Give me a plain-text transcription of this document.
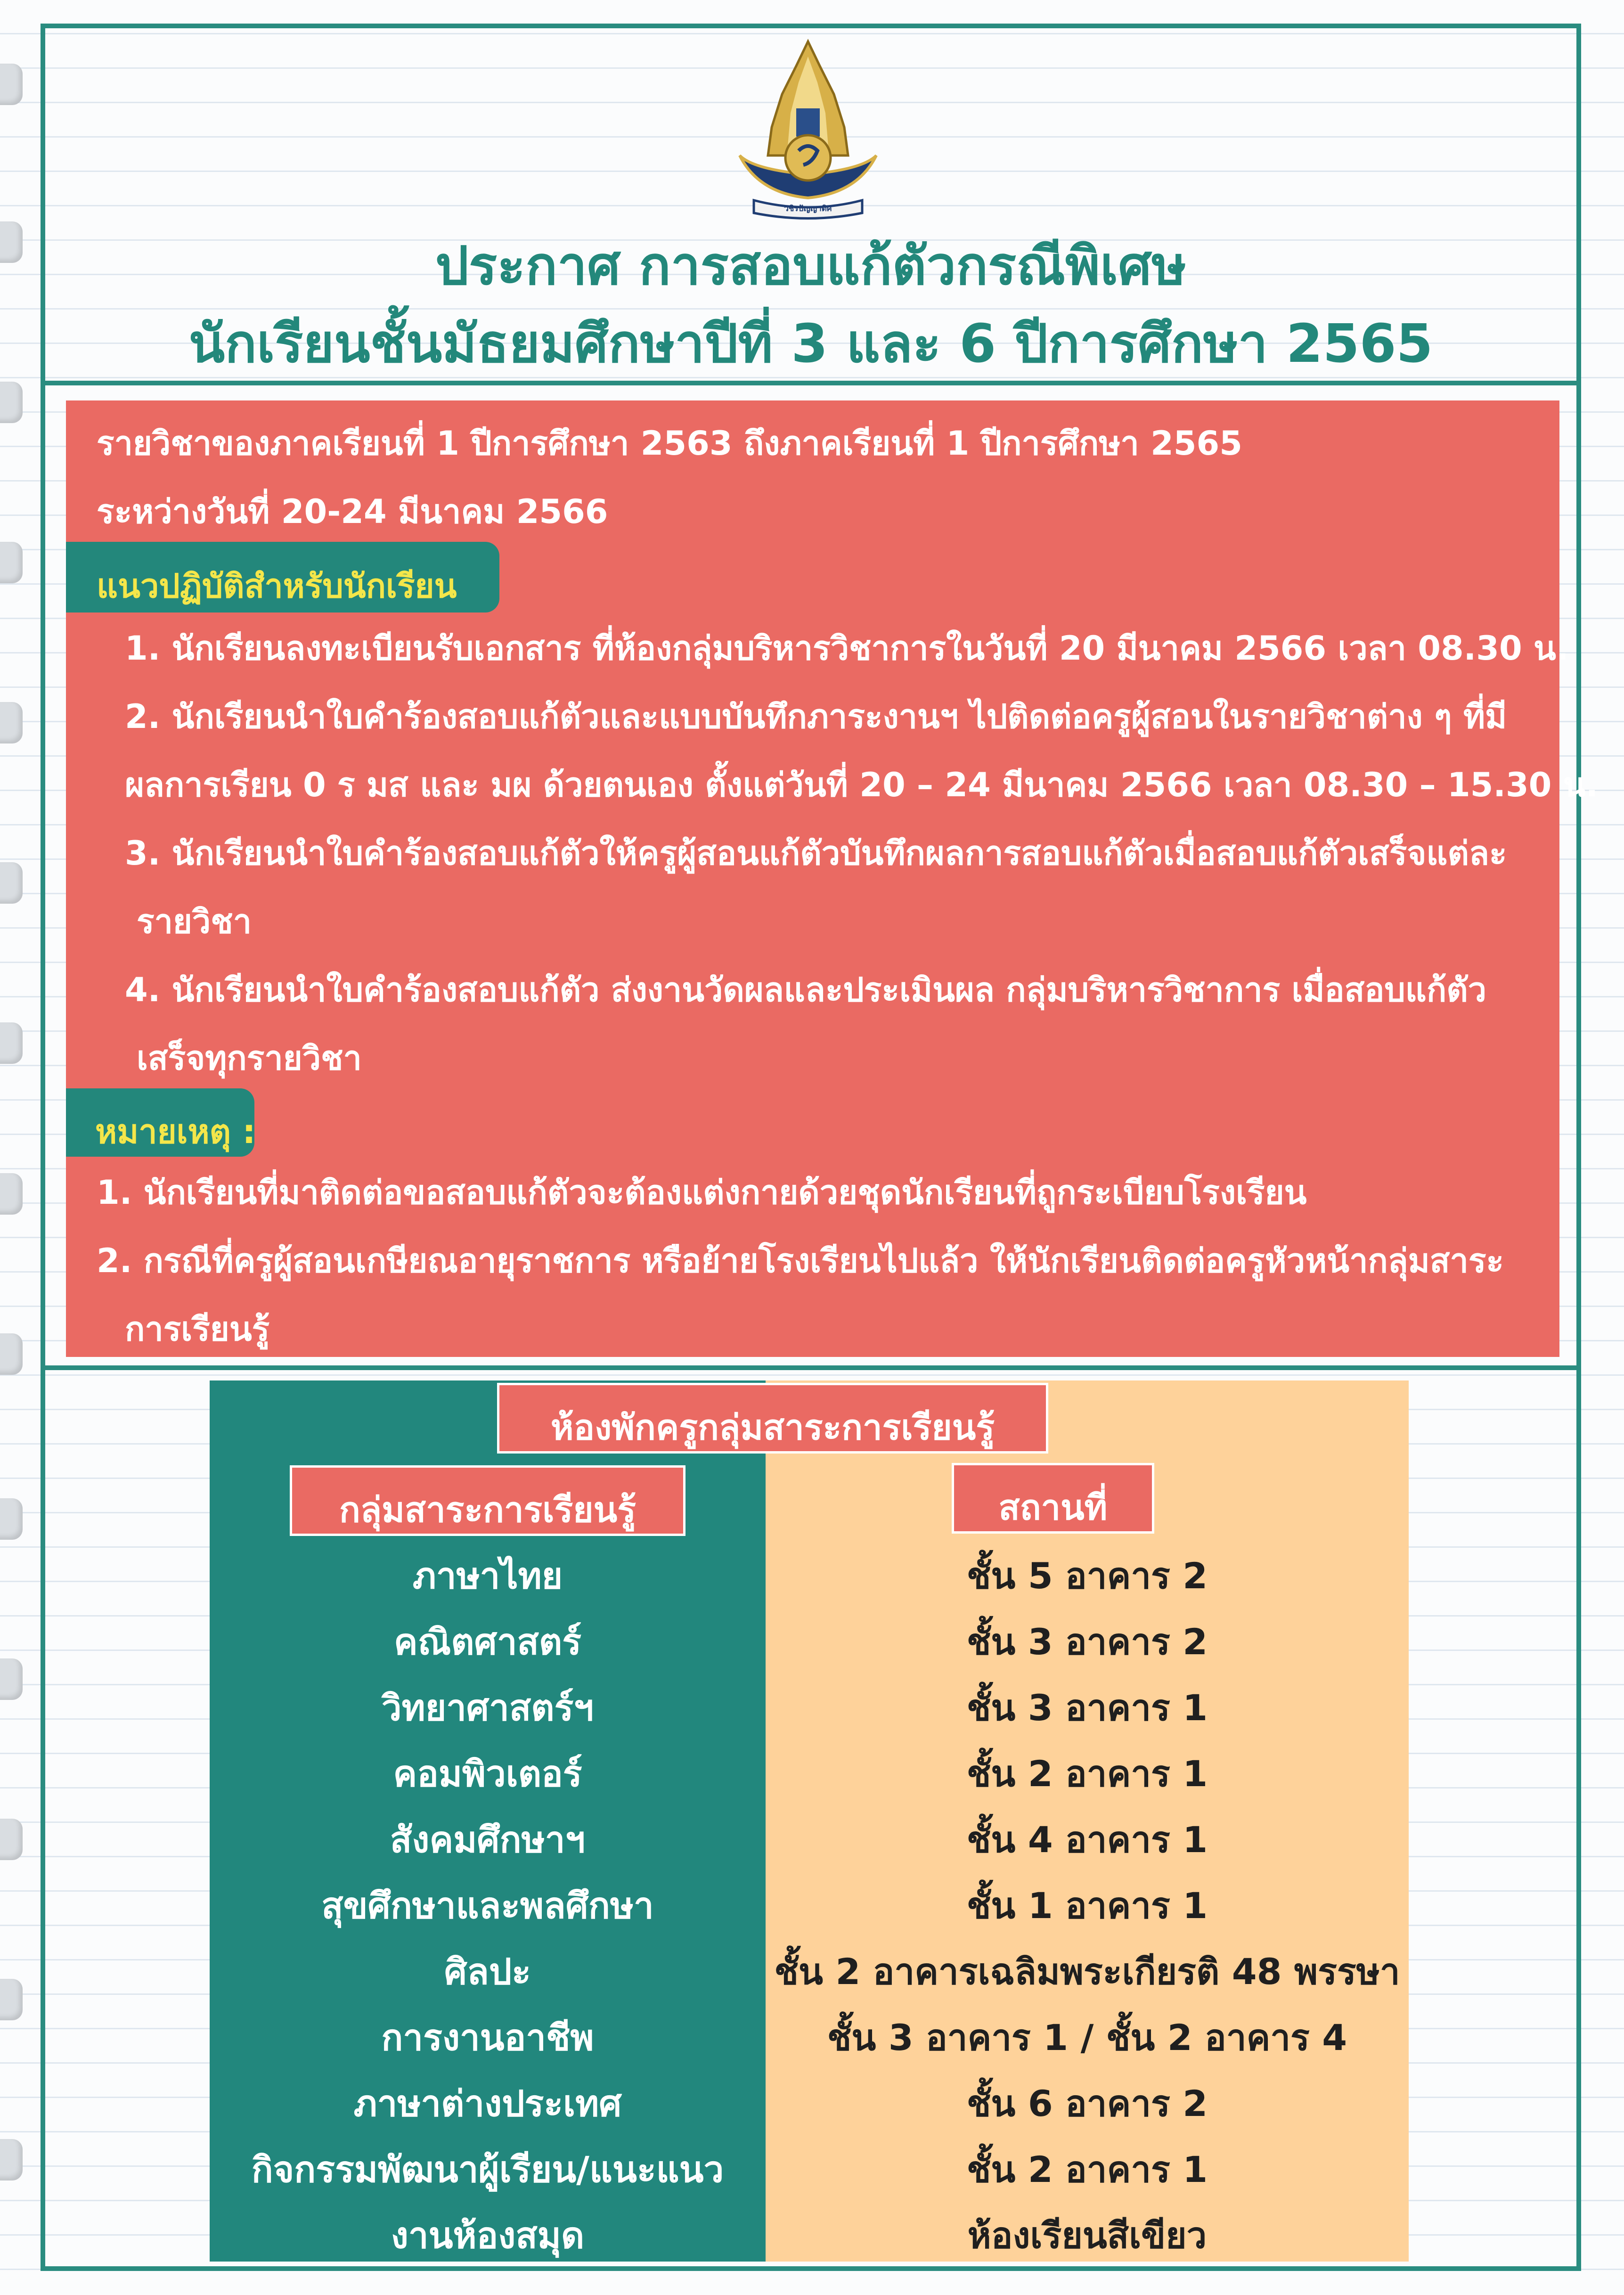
วชิรปัญญาดิศ
ประกาศ การสอบแก้ตัวกรณีพิเศษ
นักเรียนชั้นมัธยมศึกษาปีที่ 3 และ 6 ปีการศึกษา 2565

รายวิชาของภาคเรียนที่ 1 ปีการศึกษา 2563 ถึงภาคเรียนที่ 1 ปีการศึกษา 2565

ระหว่างวันที่ 20-24 มีนาคม 2566

แนวปฏิบัติสำหรับนักเรียน

1. นักเรียนลงทะเบียนรับเอกสาร ที่ห้องกลุ่มบริหารวิชาการในวันที่ 20 มีนาคม 2566 เวลา 08.30 น.

2. นักเรียนนำใบคำร้องสอบแก้ตัวและแบบบันทึกภาระงานฯ ไปติดต่อครูผู้สอนในรายวิชาต่าง ๆ ที่มี

ผลการเรียน 0 ร มส และ มผ ด้วยตนเอง ตั้งแต่วันที่ 20 – 24 มีนาคม 2566 เวลา 08.30 – 15.30 น.

3. นักเรียนนำใบคำร้องสอบแก้ตัวให้ครูผู้สอนแก้ตัวบันทึกผลการสอบแก้ตัวเมื่อสอบแก้ตัวเสร็จแต่ละ

รายวิชา

4. นักเรียนนำใบคำร้องสอบแก้ตัว ส่งงานวัดผลและประเมินผล กลุ่มบริหารวิชาการ เมื่อสอบแก้ตัว

เสร็จทุกรายวิชา

หมายเหตุ :

1. นักเรียนที่มาติดต่อขอสอบแก้ตัวจะต้องแต่งกายด้วยชุดนักเรียนที่ถูกระเบียบโรงเรียน

2. กรณีที่ครูผู้สอนเกษียณอายุราชการ หรือย้ายโรงเรียนไปแล้ว ให้นักเรียนติดต่อครูหัวหน้ากลุ่มสาระ

การเรียนรู้

ห้องพักครูกลุ่มสาระการเรียนรู้
กลุ่มสาระการเรียนรู้	สถานที่

ภาษาไทย	ชั้น 5 อาคาร 2

คณิตศาสตร์	ชั้น 3 อาคาร 2

วิทยาศาสตร์ฯ	ชั้น 3 อาคาร 1

คอมพิวเตอร์	ชั้น 2 อาคาร 1

สังคมศึกษาฯ	ชั้น 4 อาคาร 1

สุขศึกษาและพลศึกษา	ชั้น 1 อาคาร 1

ศิลปะ	ชั้น 2 อาคารเฉลิมพระเกียรติ 48 พรรษา

การงานอาชีพ	ชั้น 3 อาคาร 1 / ชั้น 2 อาคาร 4

ภาษาต่างประเทศ	ชั้น 6 อาคาร 2

กิจกรรมพัฒนาผู้เรียน/แนะแนว	ชั้น 2 อาคาร 1

งานห้องสมุด	ห้องเรียนสีเขียว
